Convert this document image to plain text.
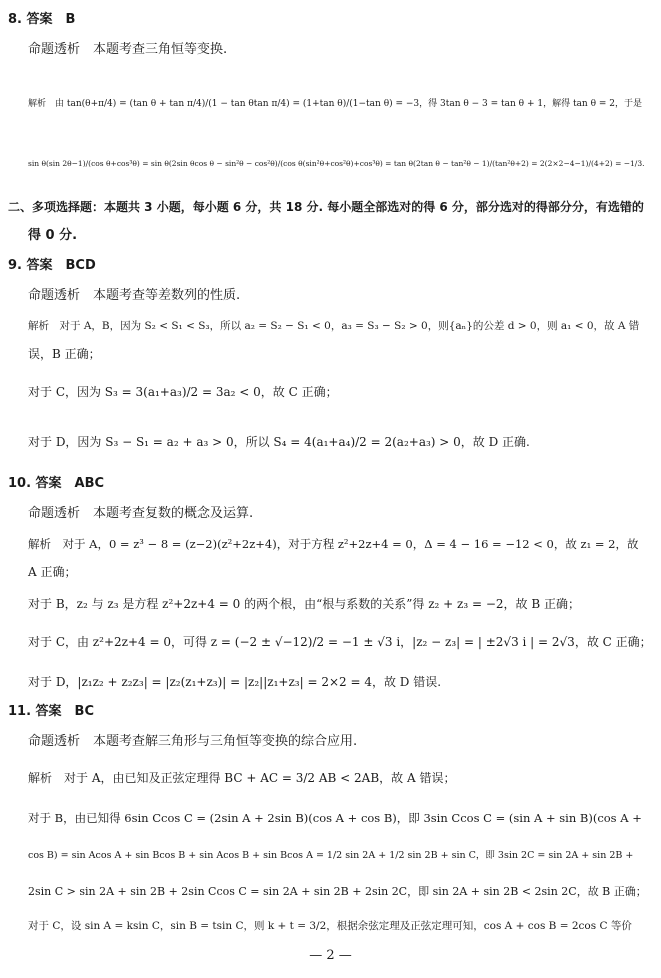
8. 答案　B
命题透析　本题考查三角恒等变换.
解析　由 tan(θ+π/4) = (tan θ + tan π/4)/(1 − tan θtan π/4) = (1+tan θ)/(1−tan θ) = −3，得 3tan θ − 3 = tan θ + 1，解得 tan θ = 2，于是
sin θ(sin 2θ−1)/(cos θ+cos³θ) = sin θ(2sin θcos θ − sin²θ − cos²θ)/(cos θ(sin²θ+cos²θ)+cos³θ) = tan θ(2tan θ − tan²θ − 1)/(tan²θ+2) = 2(2×2−4−1)/(4+2) = −1/3.
二、多项选择题：本题共 3 小题，每小题 6 分，共 18 分. 每小题全部选对的得 6 分，部分选对的得部分分，有选错的
得 0 分.
9. 答案　BCD
命题透析　本题考查等差数列的性质.
解析　对于 A，B，因为 S₂ < S₁ < S₃，所以 a₂ = S₂ − S₁ < 0，a₃ = S₃ − S₂ > 0，则{aₙ}的公差 d > 0，则 a₁ < 0，故 A 错
误，B 正确；
对于 C，因为 S₃ = 3(a₁+a₃)/2 = 3a₂ < 0，故 C 正确；
对于 D，因为 S₃ − S₁ = a₂ + a₃ > 0，所以 S₄ = 4(a₁+a₄)/2 = 2(a₂+a₃) > 0，故 D 正确.
10. 答案　ABC
命题透析　本题考查复数的概念及运算.
解析　对于 A，0 = z³ − 8 = (z−2)(z²+2z+4)，对于方程 z²+2z+4 = 0，Δ = 4 − 16 = −12 < 0，故 z₁ = 2，故
A 正确；
对于 B，z₂ 与 z₃ 是方程 z²+2z+4 = 0 的两个根，由“根与系数的关系”得 z₂ + z₃ = −2，故 B 正确；
对于 C，由 z²+2z+4 = 0，可得 z = (−2 ± √−12)/2 = −1 ± √3 i，|z₂ − z₃| = | ±2√3 i | = 2√3，故 C 正确；
对于 D，|z₁z₂ + z₂z₃| = |z₂(z₁+z₃)| = |z₂||z₁+z₃| = 2×2 = 4，故 D 错误.
11. 答案　BC
命题透析　本题考查解三角形与三角恒等变换的综合应用.
解析　对于 A，由已知及正弦定理得 BC + AC = 3/2 AB < 2AB，故 A 错误；
对于 B，由已知得 6sin Ccos C = (2sin A + 2sin B)(cos A + cos B)，即 3sin Ccos C = (sin A + sin B)(cos A +
cos B) = sin Acos A + sin Bcos B + sin Acos B + sin Bcos A = 1/2 sin 2A + 1/2 sin 2B + sin C，即 3sin 2C = sin 2A + sin 2B +
2sin C > sin 2A + sin 2B + 2sin Ccos C = sin 2A + sin 2B + 2sin 2C，即 sin 2A + sin 2B < 2sin 2C，故 B 正确；
对于 C，设 sin A = ksin C，sin B = tsin C，则 k + t = 3/2，根据余弦定理及正弦定理可知，cos A + cos B = 2cos C 等价
— 2 —
